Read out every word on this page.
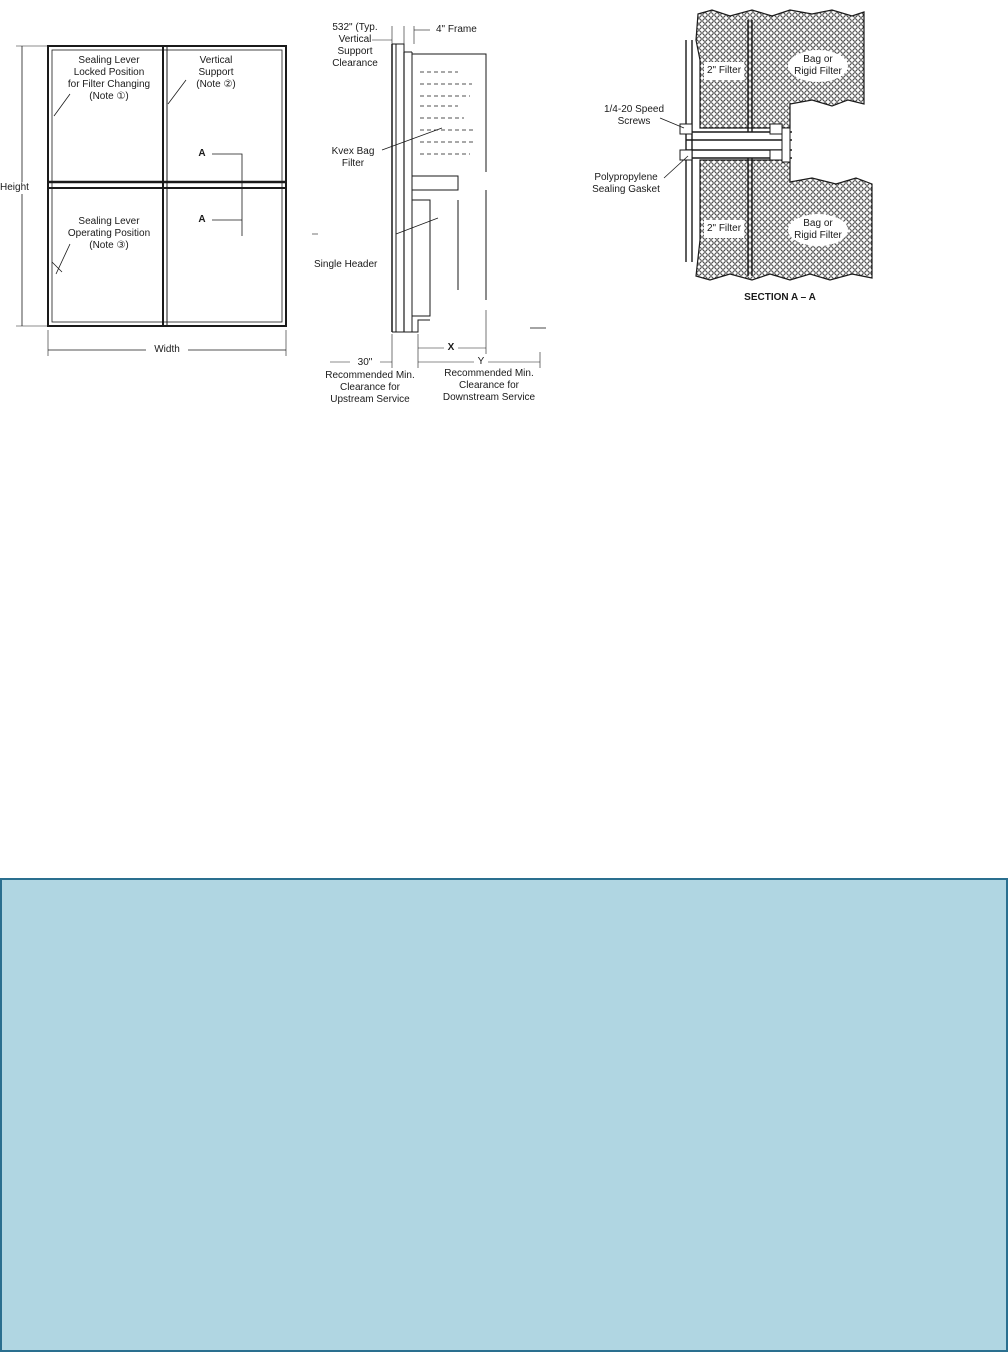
Sealing Lever
Locked Position
for Filter Changing
(Note ①)
Vertical
Support
(Note ②)
A
A
Height
Sealing Lever
Operating Position
(Note ③)
Width
532" (Typ.
Vertical
Support
Clearance
4" Frame
Kvex Bag
Filter
Single Header
X
Y
30"
Recommended Min.
Clearance for
Upstream Service
Recommended Min.
Clearance for
Downstream Service
2" Filter
Bag or
Rigid Filter
1/4-20 Speed
Screws
Polypropylene
Sealing Gasket
2" Filter	Bag or
Rigid Filter
SECTION A – A
